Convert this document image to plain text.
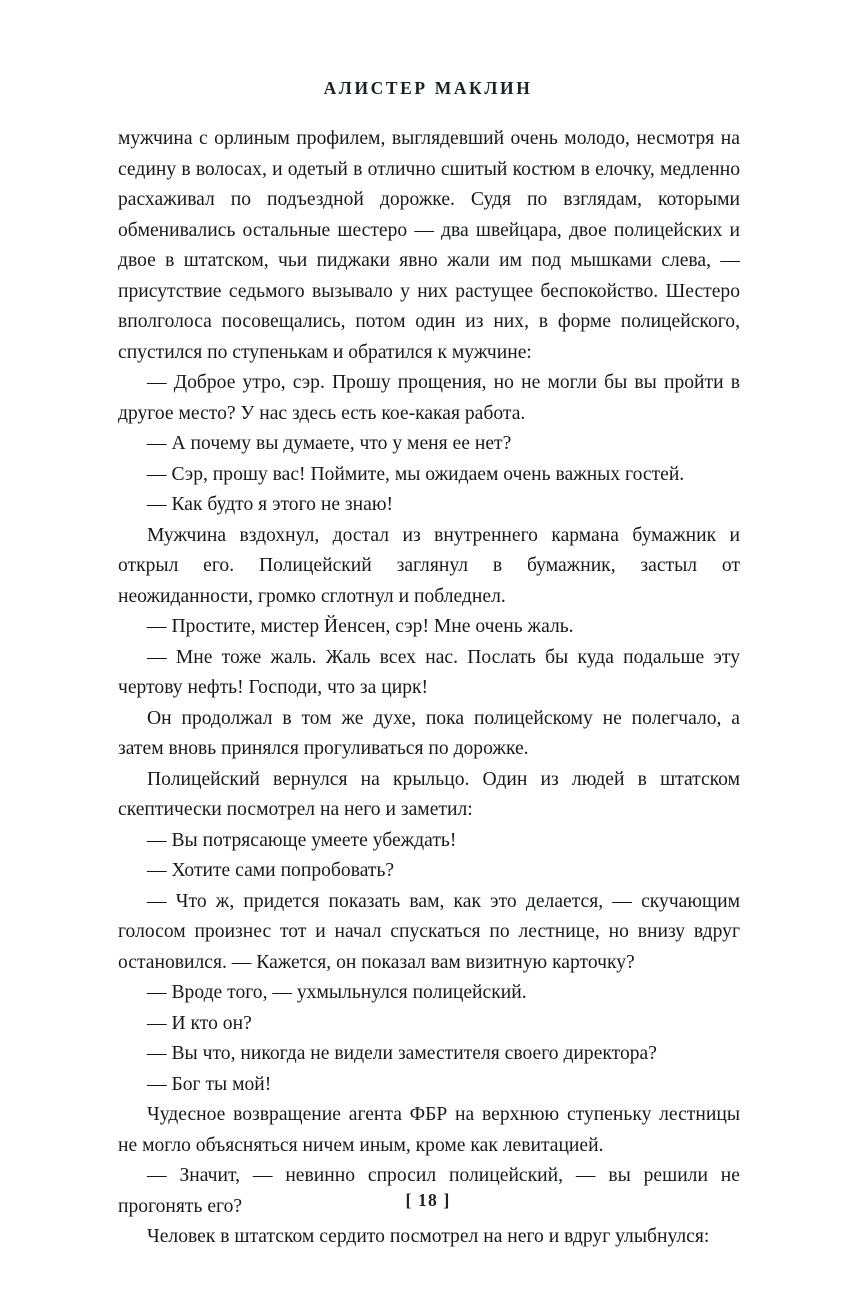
АЛИСТЕР МАКЛИН

мужчина с орлиным профилем, выглядевший очень молодо, несмотря на седину в волосах, и одетый в отлично сшитый костюм в елочку, медленно расхаживал по подъездной дорожке. Судя по взглядам, которыми обменивались остальные шестеро — два швейцара, двое полицейских и двое в штатском, чьи пиджаки явно жали им под мышками слева, — присутствие седьмого вызывало у них растущее беспокойство. Шестеро вполголоса посовещались, потом один из них, в форме полицейского, спустился по ступенькам и обратился к мужчине:

— Доброе утро, сэр. Прошу прощения, но не могли бы вы пройти в другое место? У нас здесь есть кое-какая работа.

— А почему вы думаете, что у меня ее нет?

— Сэр, прошу вас! Поймите, мы ожидаем очень важных гостей.

— Как будто я этого не знаю!

Мужчина вздохнул, достал из внутреннего кармана бумажник и открыл его. Полицейский заглянул в бумажник, застыл от неожиданности, громко сглотнул и побледнел.

— Простите, мистер Йенсен, сэр! Мне очень жаль.

— Мне тоже жаль. Жаль всех нас. Послать бы куда подальше эту чертову нефть! Господи, что за цирк!

Он продолжал в том же духе, пока полицейскому не полегчало, а затем вновь принялся прогуливаться по дорожке.

Полицейский вернулся на крыльцо. Один из людей в штатском скептически посмотрел на него и заметил:

— Вы потрясающе умеете убеждать!

— Хотите сами попробовать?

— Что ж, придется показать вам, как это делается, — скучающим голосом произнес тот и начал спускаться по лестнице, но внизу вдруг остановился. — Кажется, он показал вам визитную карточку?

— Вроде того, — ухмыльнулся полицейский.

— И кто он?

— Вы что, никогда не видели заместителя своего директора?

— Бог ты мой!

Чудесное возвращение агента ФБР на верхнюю ступеньку лестницы не могло объясняться ничем иным, кроме как левитацией.

— Значит, — невинно спросил полицейский, — вы решили не прогонять его?

Человек в штатском сердито посмотрел на него и вдруг улыбнулся:

[ 18 ]
